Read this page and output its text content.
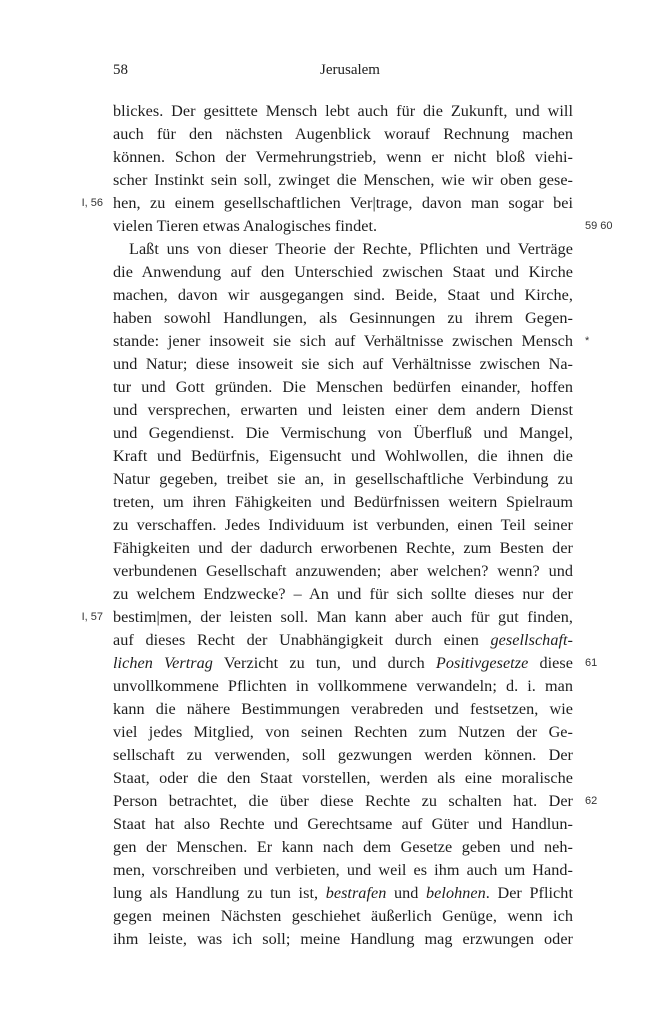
58	Jerusalem
blickes. Der gesittete Mensch lebt auch für die Zukunft, und will
auch für den nächsten Augenblick worauf Rechnung machen
können. Schon der Vermehrungstrieb, wenn er nicht bloß viehi-
scher Instinkt sein soll, zwinget die Menschen, wie wir oben gese-
hen, zu einem gesellschaftlichen Ver|trage, davon man sogar bei
vielen Tieren etwas Analogisches findet.
Laßt uns von dieser Theorie der Rechte, Pflichten und Verträge
die Anwendung auf den Unterschied zwischen Staat und Kirche
machen, davon wir ausgegangen sind. Beide, Staat und Kirche,
haben sowohl Handlungen, als Gesinnungen zu ihrem Gegen-
stande: jener insoweit sie sich auf Verhältnisse zwischen Mensch
und Natur; diese insoweit sie sich auf Verhältnisse zwischen Na-
tur und Gott gründen. Die Menschen bedürfen einander, hoffen
und versprechen, erwarten und leisten einer dem andern Dienst
und Gegendienst. Die Vermischung von Überfluß und Mangel,
Kraft und Bedürfnis, Eigensucht und Wohlwollen, die ihnen die
Natur gegeben, treibet sie an, in gesellschaftliche Verbindung zu
treten, um ihren Fähigkeiten und Bedürfnissen weitern Spielraum
zu verschaffen. Jedes Individuum ist verbunden, einen Teil seiner
Fähigkeiten und der dadurch erworbenen Rechte, zum Besten der
verbundenen Gesellschaft anzuwenden; aber welchen? wenn? und
zu welchem Endzwecke? – An und für sich sollte dieses nur der
bestim|men, der leisten soll. Man kann aber auch für gut finden,
auf dieses Recht der Unabhängigkeit durch einen gesellschaft-
lichen Vertrag Verzicht zu tun, und durch Positivgesetze diese
unvollkommene Pflichten in vollkommene verwandeln; d. i. man
kann die nähere Bestimmungen verabreden und festsetzen, wie
viel jedes Mitglied, von seinen Rechten zum Nutzen der Ge-
sellschaft zu verwenden, soll gezwungen werden können. Der
Staat, oder die den Staat vorstellen, werden als eine moralische
Person betrachtet, die über diese Rechte zu schalten hat. Der
Staat hat also Rechte und Gerechtsame auf Güter und Handlun-
gen der Menschen. Er kann nach dem Gesetze geben und neh-
men, vorschreiben und verbieten, und weil es ihm auch um Hand-
lung als Handlung zu tun ist, bestrafen und belohnen. Der Pflicht
gegen meinen Nächsten geschiehet äußerlich Genüge, wenn ich
ihm leiste, was ich soll; meine Handlung mag erzwungen oder
I, 56
I, 57
59 60
*
61
62
